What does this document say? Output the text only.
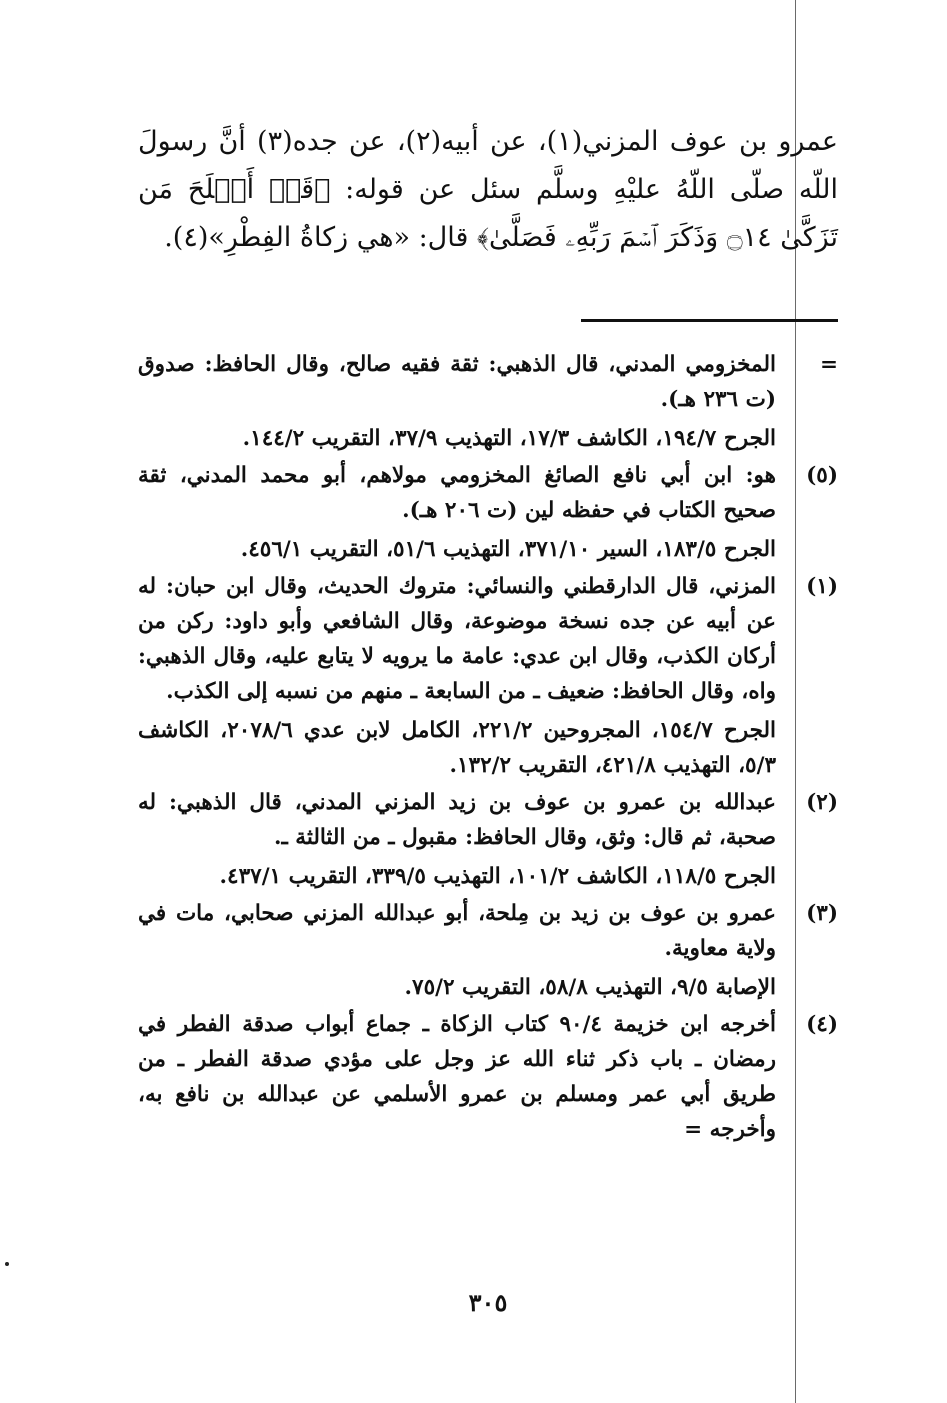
عمرو بن عوف المزني(١)، عن أبيه(٢)، عن جده(٣) أنَّ رسولَ اللّه صلّى اللّهُ عليْهِ وسلَّم سئل عن قوله: ﴿قَدۡ أَفۡلَحَ مَن تَزَكَّىٰ ۝١٤ وَذَكَرَ ٱسۡمَ رَبِّهِۦ فَصَلَّىٰ﴾ قال: «هي زكاةُ الفِطْرِ»(٤).
=

المخزومي المدني، قال الذهبي: ثقة فقيه صالح، وقال الحافظ: صدوق (ت ٢٣٦ هـ).

الجرح ١٩٤/٧، الكاشف ١٧/٣، التهذيب ٣٧/٩، التقريب ١٤٤/٢.

(٥)

هو: ابن أبي نافع الصائغ المخزومي مولاهم، أبو محمد المدني، ثقة صحيح الكتاب في حفظه لين (ت ٢٠٦ هـ).

الجرح ١٨٣/٥، السير ٣٧١/١٠، التهذيب ٥١/٦، التقريب ٤٥٦/١.

(١)

المزني، قال الدارقطني والنسائي: متروك الحديث، وقال ابن حبان: له عن أبيه عن جده نسخة موضوعة، وقال الشافعي وأبو داود: ركن من أركان الكذب، وقال ابن عدي: عامة ما يرويه لا يتابع عليه، وقال الذهبي: واه، وقال الحافظ: ضعيف ـ من السابعة ـ منهم من نسبه إلى الكذب.

الجرح ١٥٤/٧، المجروحين ٢٢١/٢، الكامل لابن عدي ٢٠٧٨/٦، الكاشف ٥/٣، التهذيب ٤٢١/٨، التقريب ١٣٢/٢.

(٢)

عبدالله بن عمرو بن عوف بن زيد المزني المدني، قال الذهبي: له صحبة، ثم قال: وثق، وقال الحافظ: مقبول ـ من الثالثة ـ.

الجرح ١١٨/٥، الكاشف ١٠١/٢، التهذيب ٣٣٩/٥، التقريب ٤٣٧/١.

(٣)

عمرو بن عوف بن زيد بن مِلحة، أبو عبدالله المزني صحابي، مات في ولاية معاوية.

الإصابة ٩/٥، التهذيب ٥٨/٨، التقريب ٧٥/٢.

(٤)

أخرجه ابن خزيمة ٩٠/٤ كتاب الزكاة ـ جماع أبواب صدقة الفطر في رمضان ـ باب ذكر ثناء الله عز وجل على مؤدي صدقة الفطر ـ من طريق أبي عمر ومسلم بن عمرو الأسلمي عن عبدالله بن نافع به، وأخرجه =

٣٠٥
